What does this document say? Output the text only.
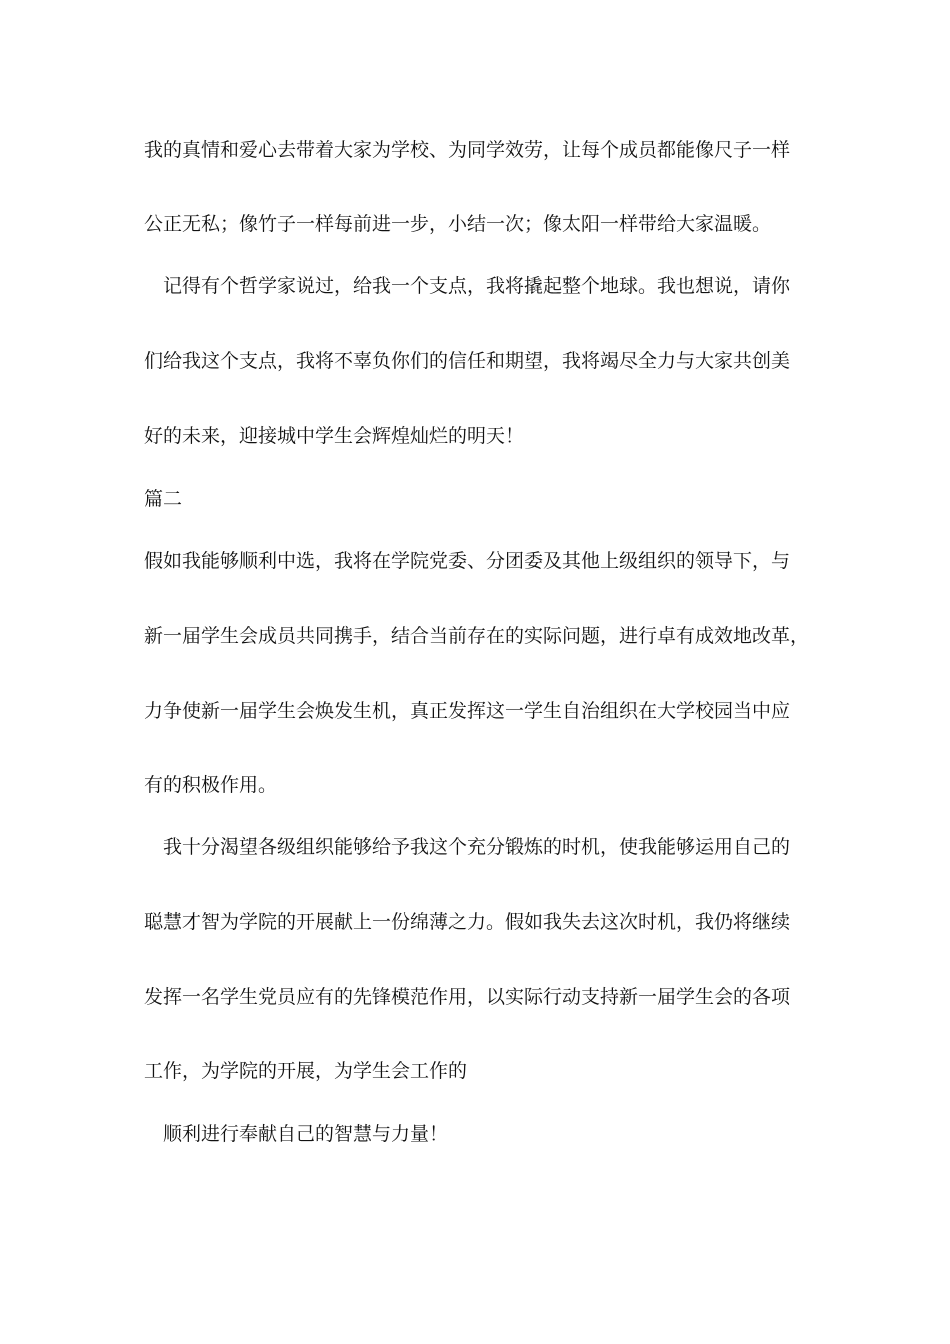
我的真情和爱心去带着大家为学校、为同学效劳，让每个成员都能像尺子一样
公正无私；像竹子一样每前进一步，小结一次；像太阳一样带给大家温暖。
　记得有个哲学家说过，给我一个支点，我将撬起整个地球。我也想说，请你
们给我这个支点，我将不辜负你们的信任和期望，我将竭尽全力与大家共创美
好的未来，迎接城中学生会辉煌灿烂的明天！
篇二
假如我能够顺利中选，我将在学院党委、分团委及其他上级组织的领导下，与
新一届学生会成员共同携手，结合当前存在的实际问题，进行卓有成效地改革，
力争使新一届学生会焕发生机，真正发挥这一学生自治组织在大学校园当中应
有的积极作用。
　我十分渴望各级组织能够给予我这个充分锻炼的时机，使我能够运用自己的
聪慧才智为学院的开展献上一份绵薄之力。假如我失去这次时机，我仍将继续
发挥一名学生党员应有的先锋模范作用，以实际行动支持新一届学生会的各项
工作，为学院的开展，为学生会工作的
　顺利进行奉献自己的智慧与力量！
